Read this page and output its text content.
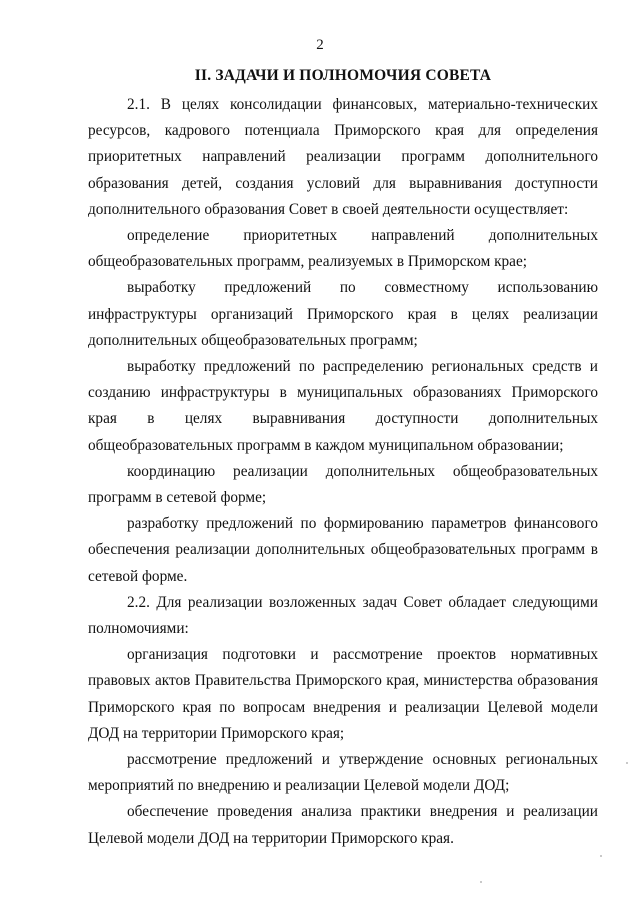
2
II. ЗАДАЧИ И ПОЛНОМОЧИЯ СОВЕТА

2.1. В целях консолидации финансовых, материально-технических ресурсов, кадрового потенциала Приморского края для определения приоритетных направлений реализации программ дополнительного образования детей, создания условий для выравнивания доступности дополнительного образования Совет в своей деятельности осуществляет:

определение приоритетных направлений дополнительных общеобразовательных программ, реализуемых в Приморском крае;

выработку предложений по совместному использованию инфраструктуры организаций Приморского края в целях реализации дополнительных общеобразовательных программ;

выработку предложений по распределению региональных средств и созданию инфраструктуры в муниципальных образованиях Приморского края в целях выравнивания доступности дополнительных общеобразовательных программ в каждом муниципальном образовании;

координацию реализации дополнительных общеобразовательных программ в сетевой форме;

разработку предложений по формированию параметров финансового обеспечения реализации дополнительных общеобразовательных программ в сетевой форме.

2.2. Для реализации возложенных задач Совет обладает следующими полномочиями:

организация подготовки и рассмотрение проектов нормативных правовых актов Правительства Приморского края, министерства образования Приморского края по вопросам внедрения и реализации Целевой модели ДОД на территории Приморского края;

рассмотрение предложений и утверждение основных региональных мероприятий по внедрению и реализации Целевой модели ДОД;

обеспечение проведения анализа практики внедрения и реализации Целевой модели ДОД на территории Приморского края.
